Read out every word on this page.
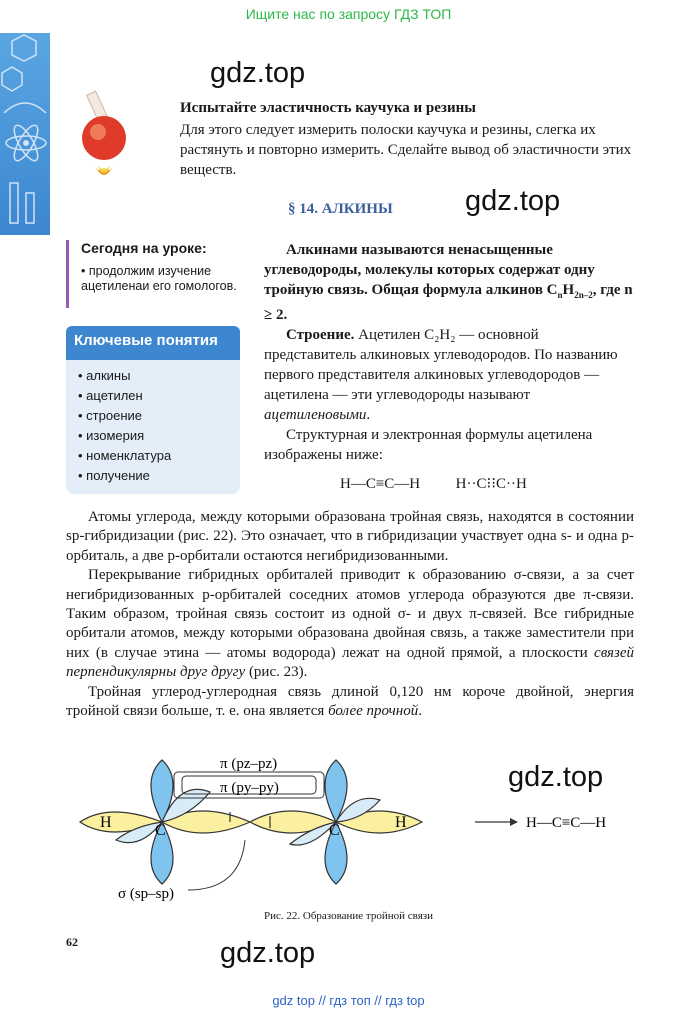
Ищите нас по запросу ГДЗ ТОП
gdz.top
gdz.top
gdz.top
gdz.top
Испытайте эластичность каучука и резины
Для этого следует измерить полоски каучука и резины, слегка их растянуть и повторно измерить. Сделайте вывод об эластичности этих веществ.
§ 14. АЛКИНЫ
Сегодня на уроке:
• продолжим изучение ацетиленаи его гомологов.
Ключевые понятия
• алкины
• ацетилен
• строение
• изомерия
• номенклатура
• получение
Алкинами называются ненасыщенные углеводороды, молекулы которых содержат одну тройную связь. Общая формула алкинов $C_nH_{2n-2}$, где n ≥ 2.
Строение. Ацетилен C₂H₂ — основной представитель алкиновых углеводородов. По названию первого представителя алкиновых углеводородов — ацетилена — эти углеводороды называют ацетиленовыми.
Структурная и электронная формулы ацетилена изображены ниже:
H—C≡C—H H··C⁝⁝C··H

Атомы углерода, между которыми образована тройная связь, находятся в состоянии sp-гибридизации (рис. 22). Это означает, что в гибридизации участвует одна s- и одна p-орбиталь, а две p-орбитали остаются негибридизованными.

Перекрывание гибридных орбиталей приводит к образованию σ-связи, а за счет негибридизованных p-орбиталей соседних атомов углерода образуются две π-связи. Таким образом, тройная связь состоит из одной σ- и двух π-связей. Все гибридные орбитали атомов, между которыми образована двойная связь, а также заместители при них (в случае этина — атомы водорода) лежат на одной прямой, а плоскости связей перпендикулярны друг другу (рис. 23).

Тройная углерод-углеродная связь длиной 0,120 нм короче двойной, энергия тройной связи больше, т. е. она является более прочной.

H	C	C	H
π (pz–pz)
π (py–py)
σ (sp–sp)
H—C≡C—H
Рис. 22. Образование тройной связи
62
gdz top // гдз топ // гдз top
